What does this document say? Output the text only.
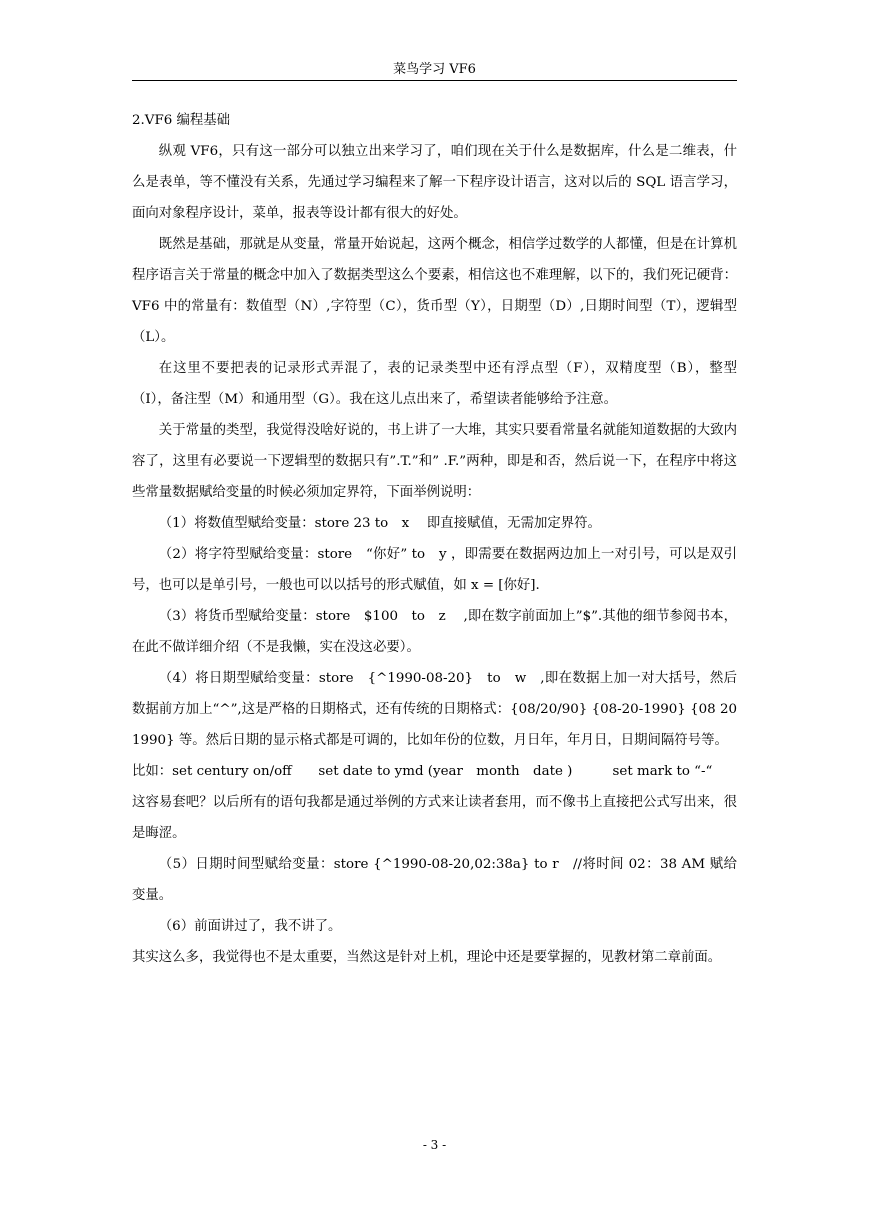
菜鸟学习 VF6

2.VF6 编程基础

纵观 VF6，只有这一部分可以独立出来学习了，咱们现在关于什么是数据库，什么是二维表，什么是表单，等不懂没有关系，先通过学习编程来了解一下程序设计语言，这对以后的 SQL 语言学习，面向对象程序设计，菜单，报表等设计都有很大的好处。

既然是基础，那就是从变量，常量开始说起，这两个概念，相信学过数学的人都懂，但是在计算机程序语言关于常量的概念中加入了数据类型这么个要素，相信这也不难理解，以下的，我们死记硬背：VF6 中的常量有：数值型（N）,字符型（C），货币型（Y），日期型（D）,日期时间型（T），逻辑型（L）。

在这里不要把表的记录形式弄混了，表的记录类型中还有浮点型（F），双精度型（B），整型（I），备注型（M）和通用型（G）。我在这儿点出来了，希望读者能够给予注意。

关于常量的类型，我觉得没啥好说的，书上讲了一大堆，其实只要看常量名就能知道数据的大致内容了，这里有必要说一下逻辑型的数据只有”.T.”和” .F.”两种，即是和否，然后说一下，在程序中将这些常量数据赋给变量的时候必须加定界符，下面举例说明：

（1）将数值型赋给变量：store 23 to　x　 即直接赋值，无需加定界符。

（2）将字符型赋给变量：store　“你好” to　y ，即需要在数据两边加上一对引号，可以是双引号，也可以是单引号，一般也可以以括号的形式赋值，如 x = [你好].

（3）将货币型赋给变量：store　$100　to　z　 ,即在数字前面加上”$”.其他的细节参阅书本，在此不做详细介绍（不是我懒，实在没这必要）。

（4）将日期型赋给变量：store　{^1990-08-20}　to　w　,即在数据上加一对大括号，然后数据前方加上“^”,这是严格的日期格式，还有传统的日期格式：{08/20/90} {08-20-1990} {08 20 1990} 等。然后日期的显示格式都是可调的，比如年份的位数，月日年，年月日，日期间隔符号等。

比如：set century on/off　　set date to ymd (year　month　date )　　　set mark to “-“

这容易套吧？以后所有的语句我都是通过举例的方式来让读者套用，而不像书上直接把公式写出来，很是晦涩。

（5）日期时间型赋给变量：store {^1990-08-20,02:38a} to r　//将时间 02：38 AM 赋给变量。

（6）前面讲过了，我不讲了。

其实这么多，我觉得也不是太重要，当然这是针对上机，理论中还是要掌握的，见教材第二章前面。

- 3 -
